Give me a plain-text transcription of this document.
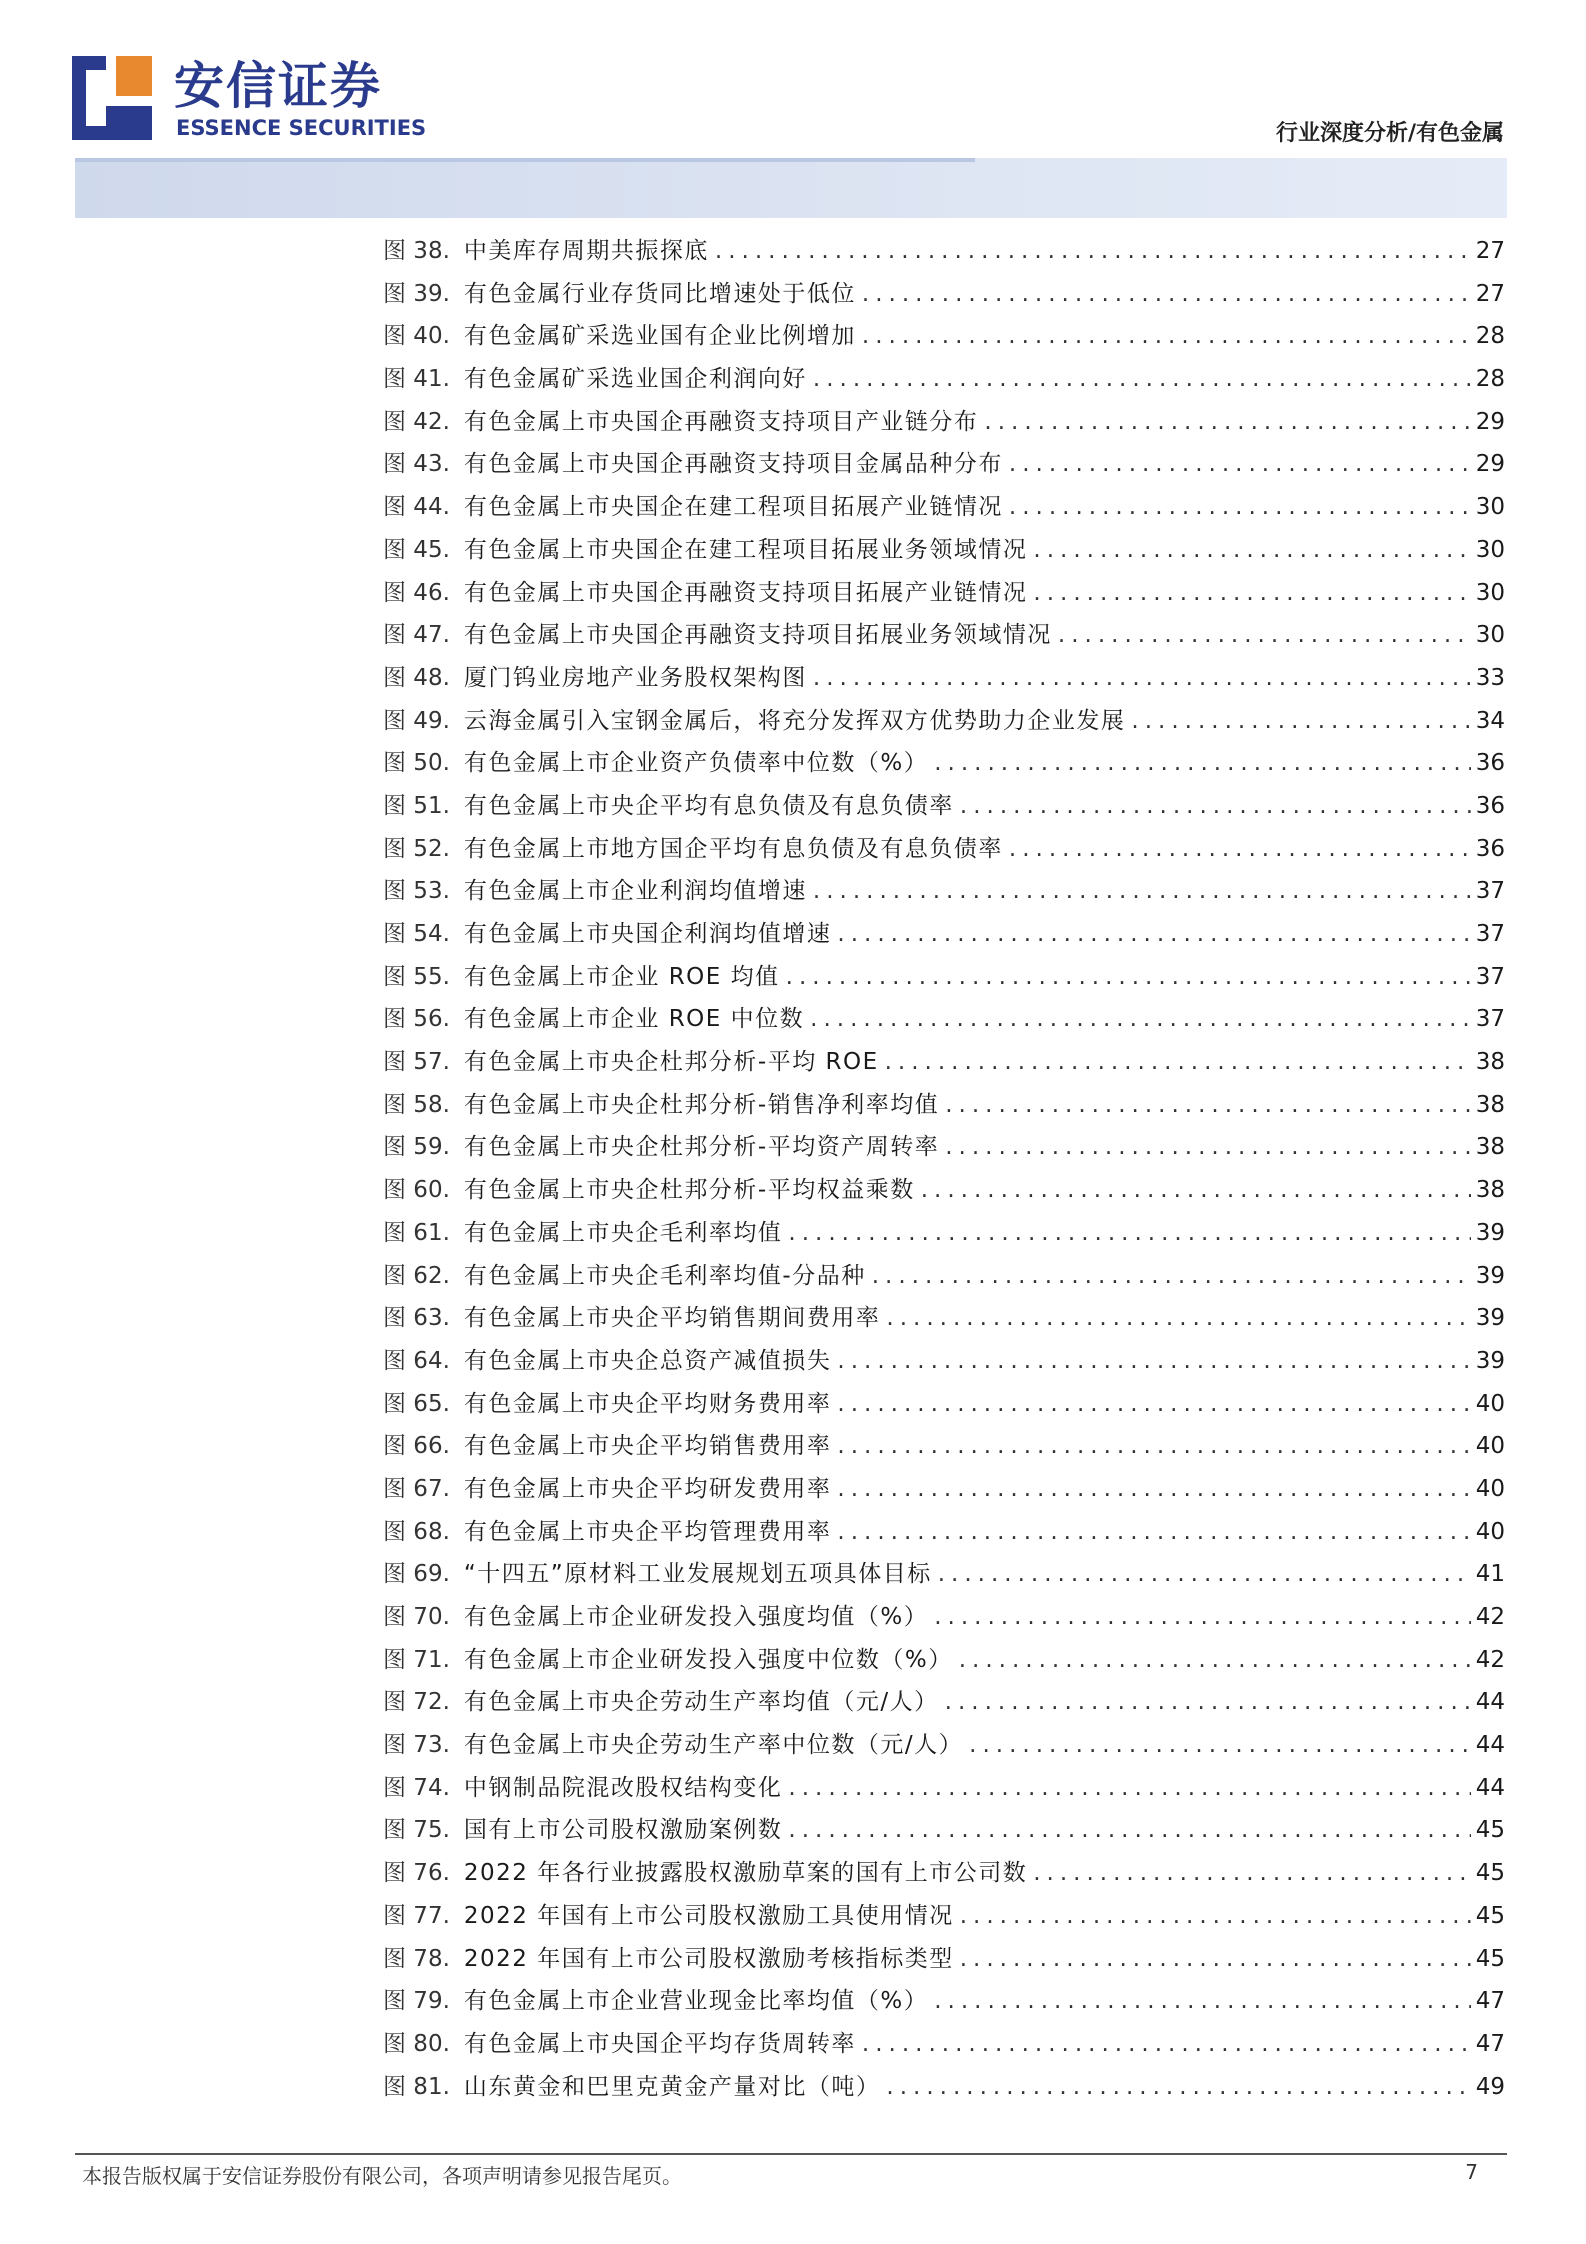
安信证券
ESSENCE SECURITIES	行业深度分析/有色金属
图 38. 中美库存周期共振探底 .....	27
图 39. 有色金属行业存货同比增速处于低位 .....	27
图 40. 有色金属矿采选业国有企业比例增加 .....	28
图 41. 有色金属矿采选业国企利润向好 .....	28
图 42. 有色金属上市央国企再融资支持项目产业链分布 .....	29
图 43. 有色金属上市央国企再融资支持项目金属品种分布 .....	29
图 44. 有色金属上市央国企在建工程项目拓展产业链情况 .....	30
图 45. 有色金属上市央国企在建工程项目拓展业务领域情况 .....	30
图 46. 有色金属上市央国企再融资支持项目拓展产业链情况 .....	30
图 47. 有色金属上市央国企再融资支持项目拓展业务领域情况 .....	30
图 48. 厦门钨业房地产业务股权架构图 .....	33
图 49. 云海金属引入宝钢金属后，将充分发挥双方优势助力企业发展 .....	34
图 50. 有色金属上市企业资产负债率中位数（%） .....	36
图 51. 有色金属上市央企平均有息负债及有息负债率 .....	36
图 52. 有色金属上市地方国企平均有息负债及有息负债率 .....	36
图 53. 有色金属上市企业利润均值增速 .....	37
图 54. 有色金属上市央国企利润均值增速 .....	37
图 55. 有色金属上市企业 ROE 均值 .....	37
图 56. 有色金属上市企业 ROE 中位数 .....	37
图 57. 有色金属上市央企杜邦分析-平均 ROE .....	38
图 58. 有色金属上市央企杜邦分析-销售净利率均值 .....	38
图 59. 有色金属上市央企杜邦分析-平均资产周转率 .....	38
图 60. 有色金属上市央企杜邦分析-平均权益乘数 .....	38
图 61. 有色金属上市央企毛利率均值 .....	39
图 62. 有色金属上市央企毛利率均值-分品种 .....	39
图 63. 有色金属上市央企平均销售期间费用率 .....	39
图 64. 有色金属上市央企总资产减值损失 .....	39
图 65. 有色金属上市央企平均财务费用率 .....	40
图 66. 有色金属上市央企平均销售费用率 .....	40
图 67. 有色金属上市央企平均研发费用率 .....	40
图 68. 有色金属上市央企平均管理费用率 .....	40
图 69. “十四五”原材料工业发展规划五项具体目标 .....	41
图 70. 有色金属上市企业研发投入强度均值（%） .....	42
图 71. 有色金属上市企业研发投入强度中位数（%） .....	42
图 72. 有色金属上市央企劳动生产率均值（元/人） .....	44
图 73. 有色金属上市央企劳动生产率中位数（元/人） .....	44
图 74. 中钢制品院混改股权结构变化 .....	44
图 75. 国有上市公司股权激励案例数 .....	45
图 76. 2022 年各行业披露股权激励草案的国有上市公司数 .....	45
图 77. 2022 年国有上市公司股权激励工具使用情况 .....	45
图 78. 2022 年国有上市公司股权激励考核指标类型 .....	45
图 79. 有色金属上市企业营业现金比率均值（%） .....	47
图 80. 有色金属上市央国企平均存货周转率 .....	47
图 81. 山东黄金和巴里克黄金产量对比（吨） .....	49
本报告版权属于安信证券股份有限公司，各项声明请参见报告尾页。	7
